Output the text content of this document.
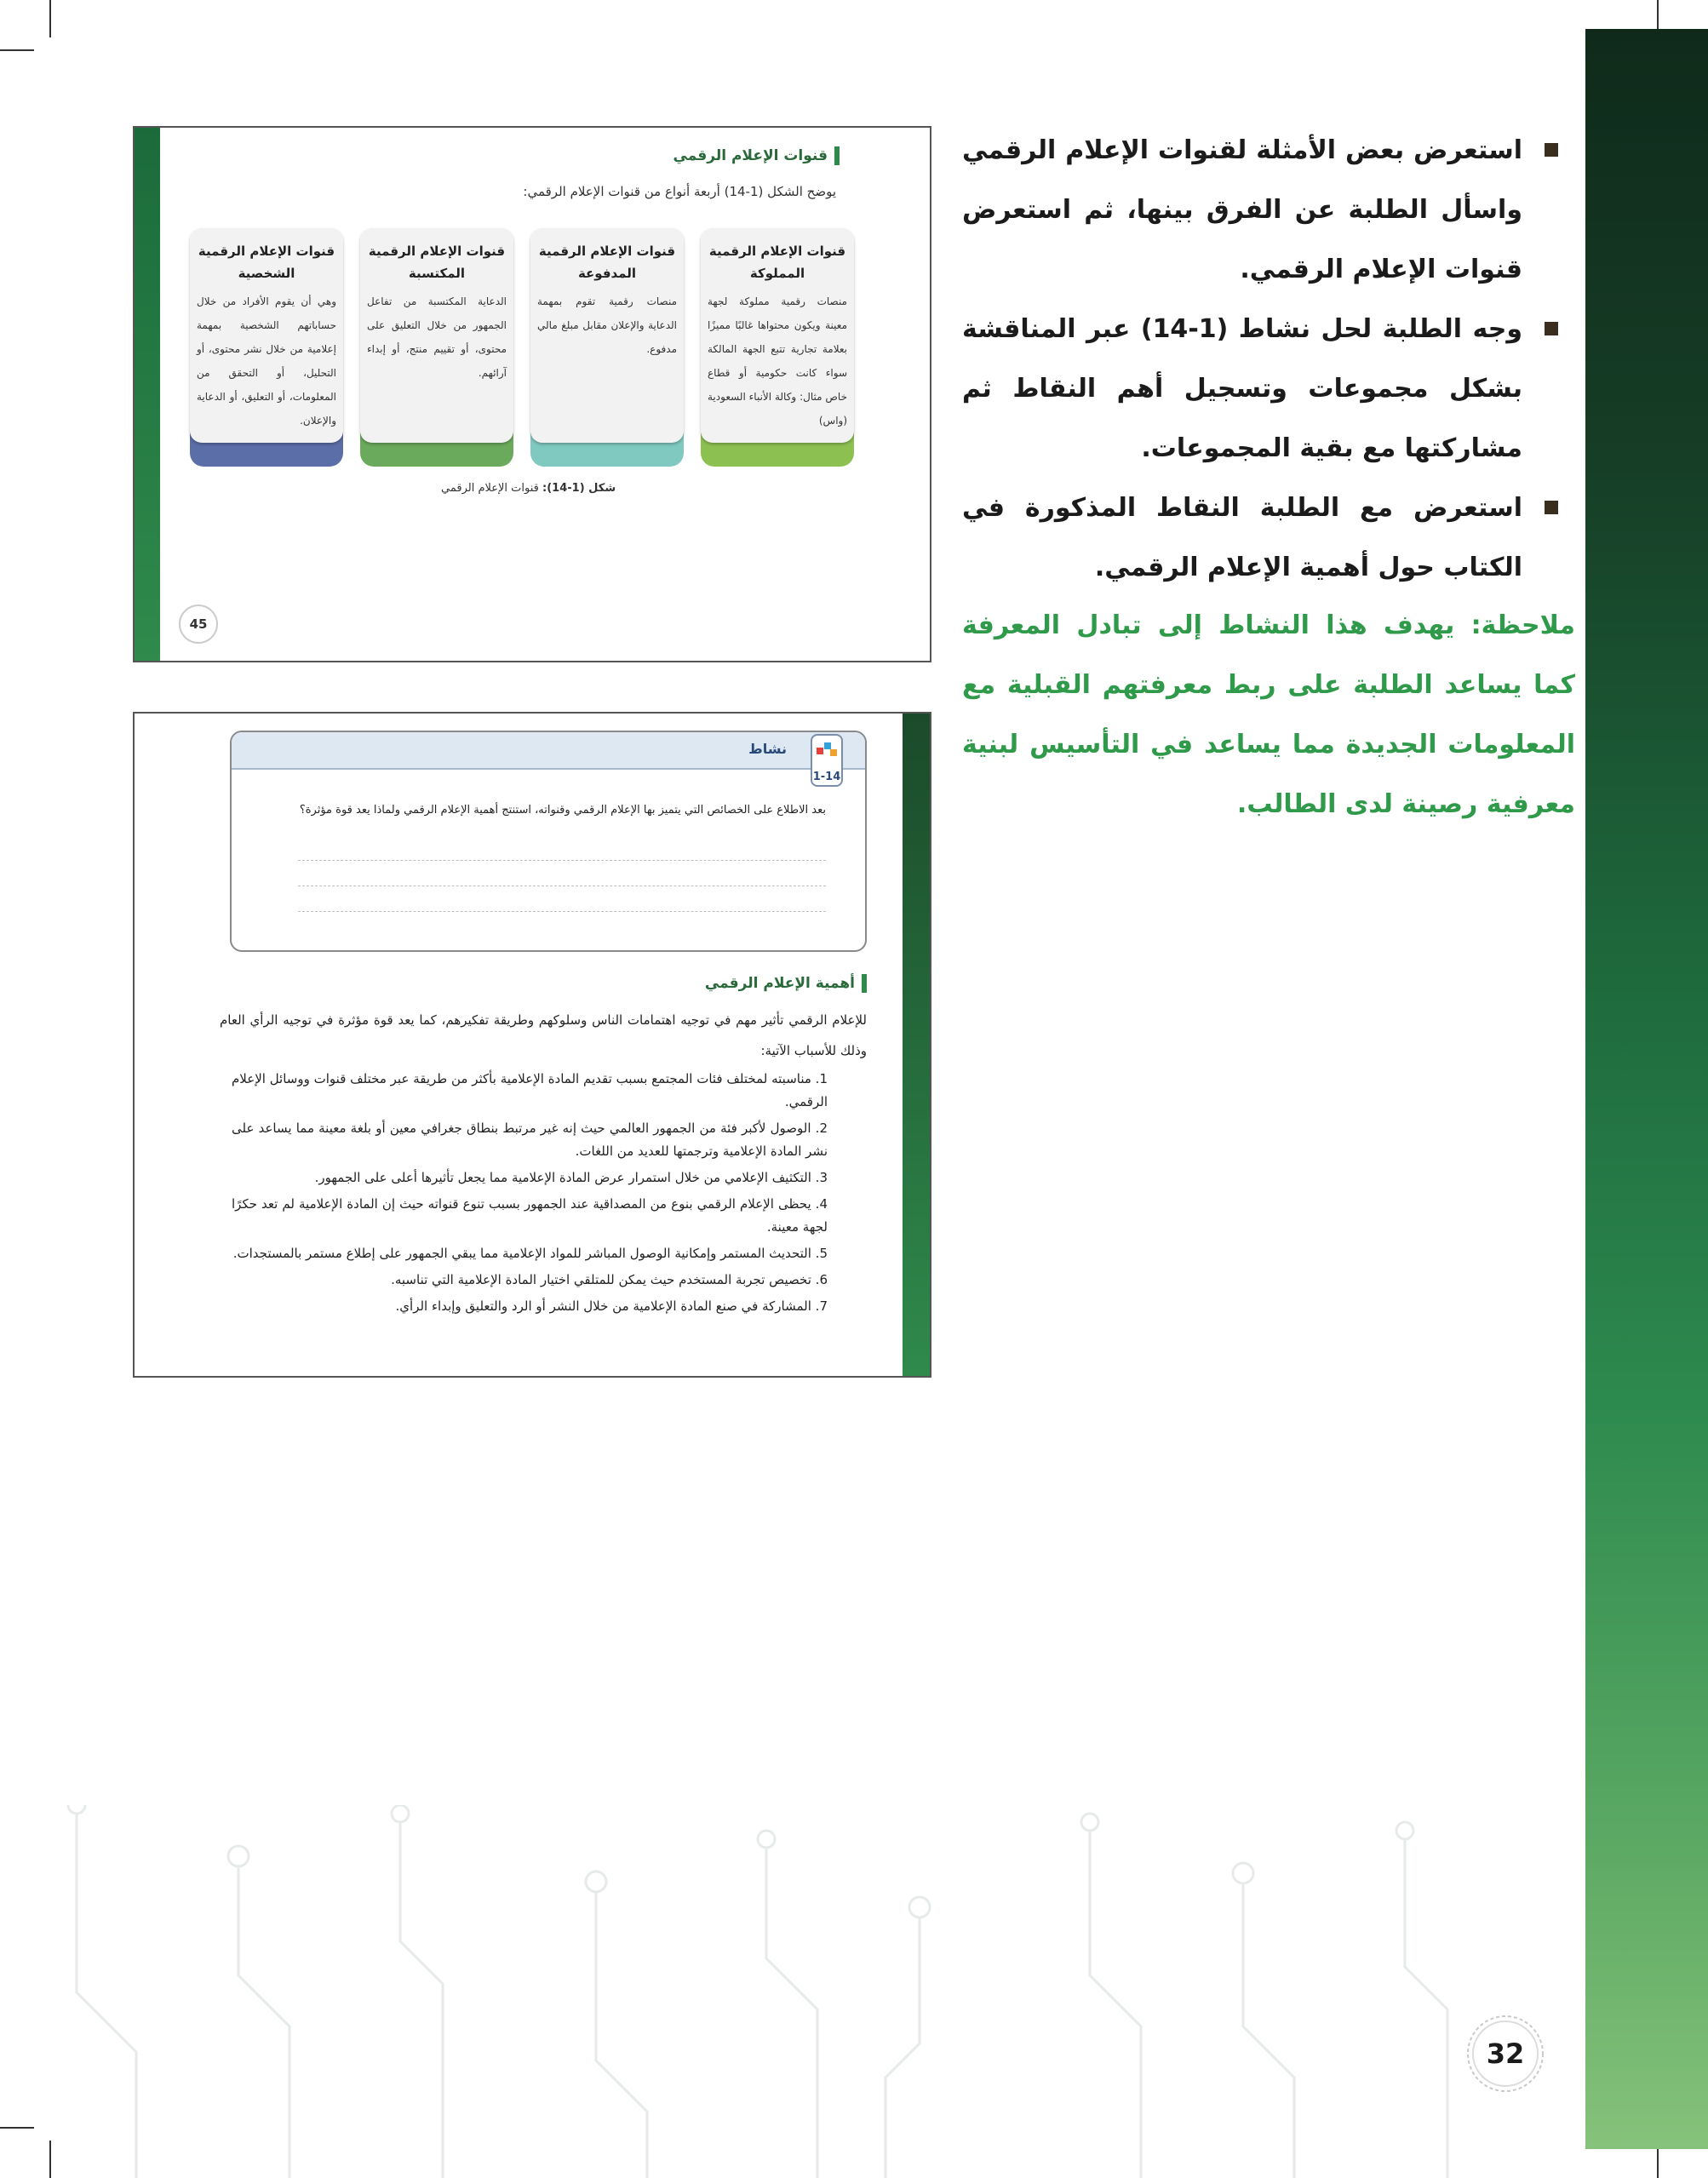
استعرض بعض الأمثلة لقنوات الإعلام الرقمي واسأل الطلبة عن الفرق بينها، ثم استعرض قنوات الإعلام الرقمي.
وجه الطلبة لحل نشاط (1-14) عبر المناقشة بشكل مجموعات وتسجيل أهم النقاط ثم مشاركتها مع بقية المجموعات.
استعرض مع الطلبة النقاط المذكورة في الكتاب حول أهمية الإعلام الرقمي.

ملاحظة: يهدف هذا النشاط إلى تبادل المعرفة كما يساعد الطلبة على ربط معرفتهم القبلية مع المعلومات الجديدة مما يساعد في التأسيس لبنية معرفية رصينة لدى الطالب.

قنوات الإعلام الرقمي
يوضح الشكل (1-14) أربعة أنواع من قنوات الإعلام الرقمي:
قنوات الإعلام الرقمية المملوكة
منصات رقمية مملوكة لجهة معينة ويكون محتواها غالبًا مميزًا بعلامة تجارية تتبع الجهة المالكة سواء كانت حكومية أو قطاع خاص مثال: وكالة الأنباء السعودية (واس)
قنوات الإعلام الرقمية المدفوعة
منصات رقمية تقوم بمهمة الدعاية والإعلان مقابل مبلغ مالي مدفوع.
قنوات الإعلام الرقمية المكتسبة
الدعاية المكتسبة من تفاعل الجمهور من خلال التعليق على محتوى، أو تقييم منتج، أو إبداء آرائهم.
قنوات الإعلام الرقمية الشخصية
وهي أن يقوم الأفراد من خلال حساباتهم الشخصية بمهمة إعلامية من خلال نشر محتوى، أو التحليل، أو التحقق من المعلومات، أو التعليق، أو الدعاية والإعلان.
شكل (1-14): قنوات الإعلام الرقمي
45
نشاط
1-14
بعد الاطلاع على الخصائص التي يتميز بها الإعلام الرقمي وقنواته، استنتج أهمية الإعلام الرقمي ولماذا يعد قوة مؤثرة؟
أهمية الإعلام الرقمي
للإعلام الرقمي تأثير مهم في توجيه اهتمامات الناس وسلوكهم وطريقة تفكيرهم، كما يعد قوة مؤثرة في توجيه الرأي العام وذلك للأسباب الآتية:
1. مناسبته لمختلف فئات المجتمع بسبب تقديم المادة الإعلامية بأكثر من طريقة عبر مختلف قنوات ووسائل الإعلام الرقمي.
2. الوصول لأكبر فئة من الجمهور العالمي حيث إنه غير مرتبط بنطاق جغرافي معين أو بلغة معينة مما يساعد على نشر المادة الإعلامية وترجمتها للعديد من اللغات.
3. التكثيف الإعلامي من خلال استمرار عرض المادة الإعلامية مما يجعل تأثيرها أعلى على الجمهور.
4. يحظى الإعلام الرقمي بنوع من المصداقية عند الجمهور بسبب تنوع قنواته حيث إن المادة الإعلامية لم تعد حكرًا لجهة معينة.
5. التحديث المستمر وإمكانية الوصول المباشر للمواد الإعلامية مما يبقي الجمهور على إطلاع مستمر بالمستجدات.
6. تخصيص تجربة المستخدم حيث يمكن للمتلقي اختيار المادة الإعلامية التي تناسبه.
7. المشاركة في صنع المادة الإعلامية من خلال النشر أو الرد والتعليق وإبداء الرأي.
32
